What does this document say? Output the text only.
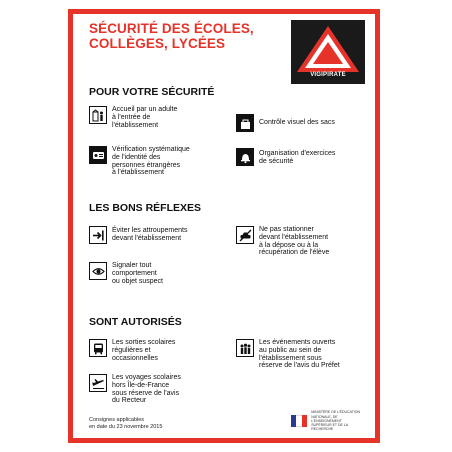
SÉCURITÉ DES ÉCOLES,
COLLÈGES, LYCÉES
VIGIPIRATE
POUR VOTRE SÉCURITÉ
Accueil par un adulte
à l'entrée de
l'établissement	Contrôle visuel des sacs
Vérification systématique
de l'identité des
personnes étrangères
à l'établissement
Organisation d'exercices
de sécurité
LES BONS RÉFLEXES
Éviter les attroupements
devant l'établissement
Ne pas stationner
devant l'établissement
à la dépose ou à la
récupération de l'élève
Signaler tout
comportement
ou objet suspect
SONT AUTORISÉS
Les sorties scolaires
régulières et
occasionnelles
Les événements ouverts
au public au sein de
l'établissement sous
réserve de l'avis du Préfet
Les voyages scolaires
hors Île-de-France
sous réserve de l'avis
du Recteur
Consignes applicables
en date du 23 novembre 2015
MINISTÈRE DE L'ÉDUCATION
NATIONALE, DE L'ENSEIGNEMENT
SUPÉRIEUR ET DE LA RECHERCHE
